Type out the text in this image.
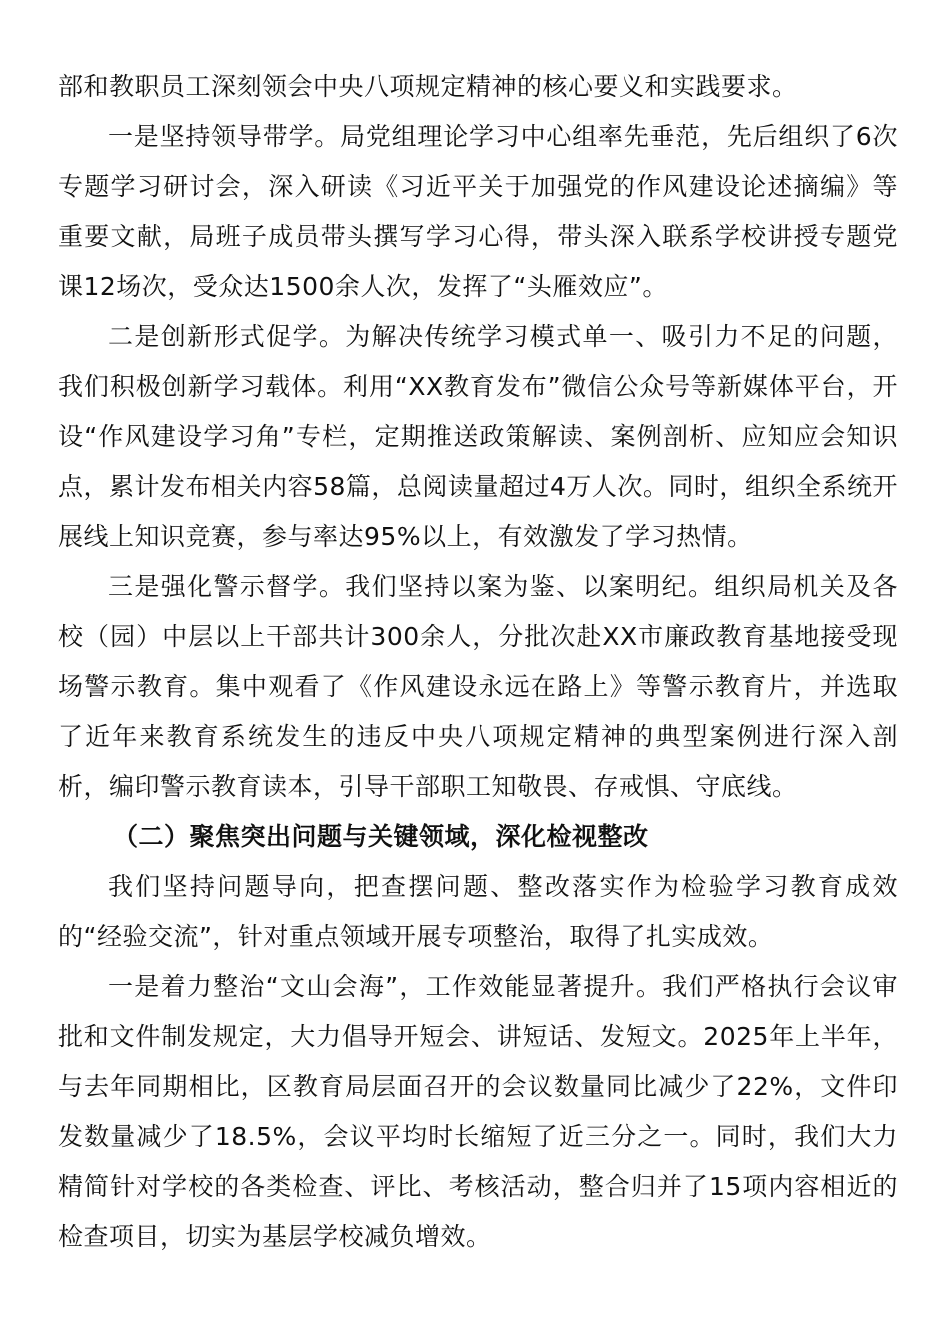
部和教职员工深刻领会中央八项规定精神的核心要义和实践要求。

一是坚持领导带学。局党组理论学习中心组率先垂范，先后组织了6次专题学习研讨会，深入研读《习近平关于加强党的作风建设论述摘编》等重要文献，局班子成员带头撰写学习心得，带头深入联系学校讲授专题党课12场次，受众达1500余人次，发挥了“头雁效应”。

二是创新形式促学。为解决传统学习模式单一、吸引力不足的问题，我们积极创新学习载体。利用“XX教育发布”微信公众号等新媒体平台，开设“作风建设学习角”专栏，定期推送政策解读、案例剖析、应知应会知识点，累计发布相关内容58篇，总阅读量超过4万人次。同时，组织全系统开展线上知识竞赛，参与率达95%以上，有效激发了学习热情。

三是强化警示督学。我们坚持以案为鉴、以案明纪。组织局机关及各校（园）中层以上干部共计300余人，分批次赴XX市廉政教育基地接受现场警示教育。集中观看了《作风建设永远在路上》等警示教育片，并选取了近年来教育系统发生的违反中央八项规定精神的典型案例进行深入剖析，编印警示教育读本，引导干部职工知敬畏、存戒惧、守底线。

（二）聚焦突出问题与关键领域，深化检视整改

我们坚持问题导向，把查摆问题、整改落实作为检验学习教育成效的“经验交流”，针对重点领域开展专项整治，取得了扎实成效。

一是着力整治“文山会海”，工作效能显著提升。我们严格执行会议审批和文件制发规定，大力倡导开短会、讲短话、发短文。2025年上半年，与去年同期相比，区教育局层面召开的会议数量同比减少了22%，文件印发数量减少了18.5%，会议平均时长缩短了近三分之一。同时，我们大力精简针对学校的各类检查、评比、考核活动，整合归并了15项内容相近的检查项目，切实为基层学校减负增效。
